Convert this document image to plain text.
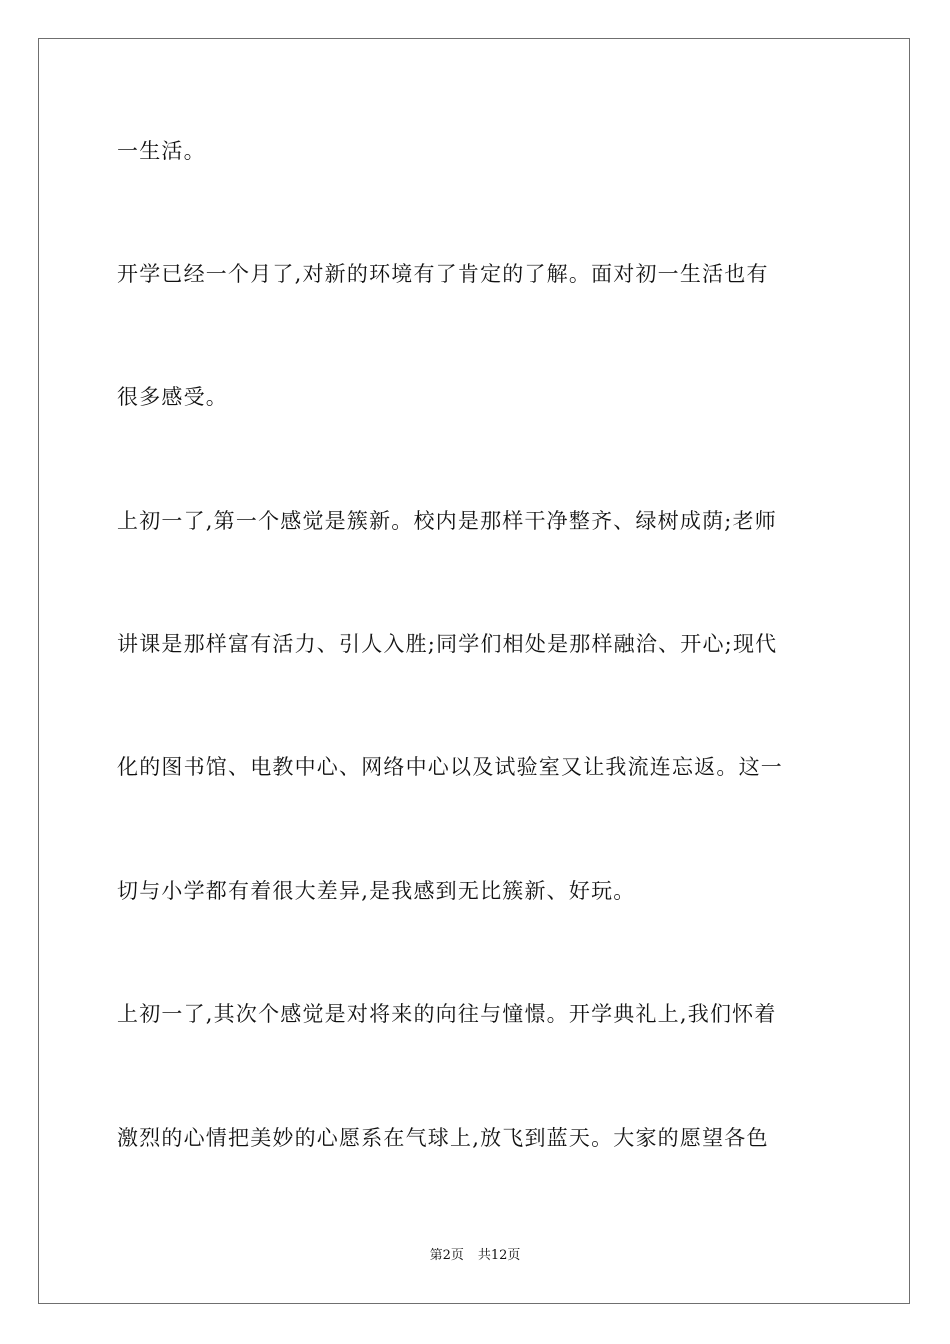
一生活。
开学已经一个月了,对新的环境有了肯定的了解。面对初一生活也有
很多感受。
上初一了,第一个感觉是簇新。校内是那样干净整齐、绿树成荫;老师
讲课是那样富有活力、引人入胜;同学们相处是那样融洽、开心;现代
化的图书馆、电教中心、网络中心以及试验室又让我流连忘返。这一
切与小学都有着很大差异,是我感到无比簇新、好玩。
上初一了,其次个感觉是对将来的向往与憧憬。开学典礼上,我们怀着
激烈的心情把美妙的心愿系在气球上,放飞到蓝天。大家的愿望各色
第2页 共12页
